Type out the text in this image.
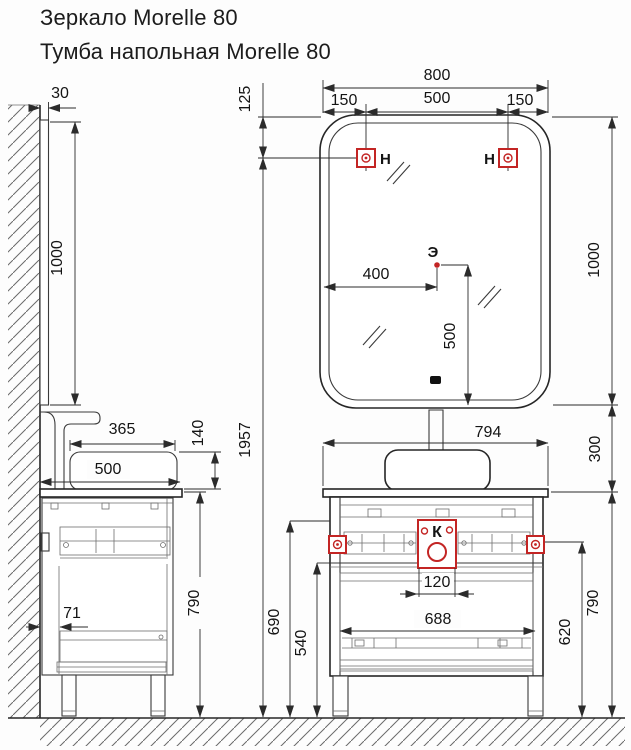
Зеркало Morelle 80
Тумба напольная Morelle 80
30
1000
365
500
140
71	790
800
150	500	150
125
Н	Н
Э
400
500
1000
300
794
К
120
688
1957
690
540	620
790
